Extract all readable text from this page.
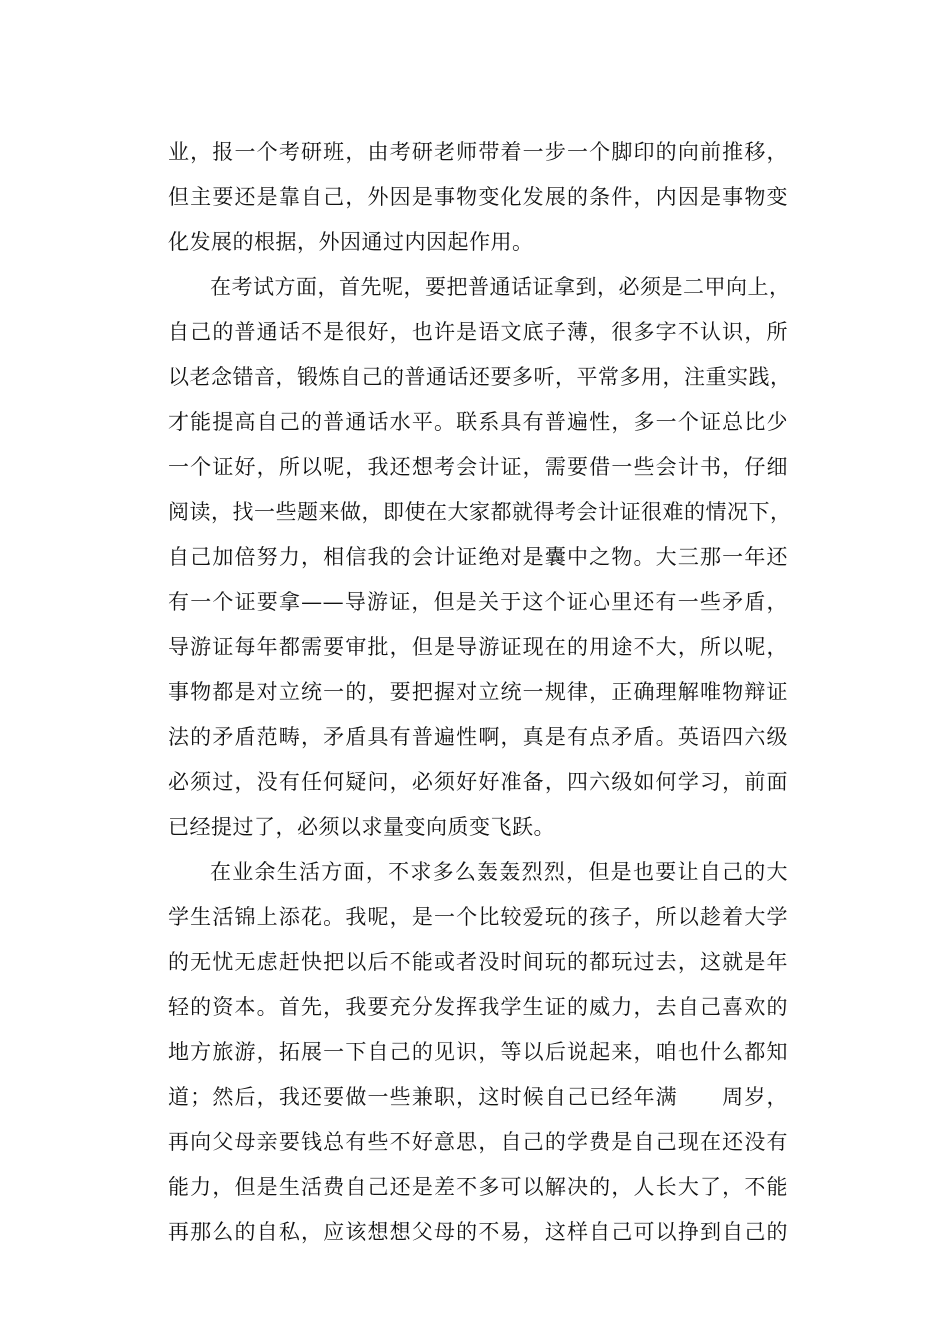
业，报一个考研班，由考研老师带着一步一个脚印的向前推移，
但主要还是靠自己，外因是事物变化发展的条件，内因是事物变
化发展的根据，外因通过内因起作用。
在考试方面，首先呢，要把普通话证拿到，必须是二甲向上，
自己的普通话不是很好，也许是语文底子薄，很多字不认识，所
以老念错音，锻炼自己的普通话还要多听，平常多用，注重实践，
才能提高自己的普通话水平。联系具有普遍性，多一个证总比少
一个证好，所以呢，我还想考会计证，需要借一些会计书，仔细
阅读，找一些题来做，即使在大家都就得考会计证很难的情况下，
自己加倍努力，相信我的会计证绝对是囊中之物。大三那一年还
有一个证要拿——导游证，但是关于这个证心里还有一些矛盾，
导游证每年都需要审批，但是导游证现在的用途不大，所以呢，
事物都是对立统一的，要把握对立统一规律，正确理解唯物辩证
法的矛盾范畴，矛盾具有普遍性啊，真是有点矛盾。英语四六级
必须过，没有任何疑问，必须好好准备，四六级如何学习，前面
已经提过了，必须以求量变向质变飞跃。
在业余生活方面，不求多么轰轰烈烈，但是也要让自己的大
学生活锦上添花。我呢，是一个比较爱玩的孩子，所以趁着大学
的无忧无虑赶快把以后不能或者没时间玩的都玩过去，这就是年
轻的资本。首先，我要充分发挥我学生证的威力，去自己喜欢的
地方旅游，拓展一下自己的见识，等以后说起来，咱也什么都知
道；然后，我还要做一些兼职，这时候自己已经年满　　周岁，
再向父母亲要钱总有些不好意思，自己的学费是自己现在还没有
能力，但是生活费自己还是差不多可以解决的，人长大了，不能
再那么的自私，应该想想父母的不易，这样自己可以挣到自己的
